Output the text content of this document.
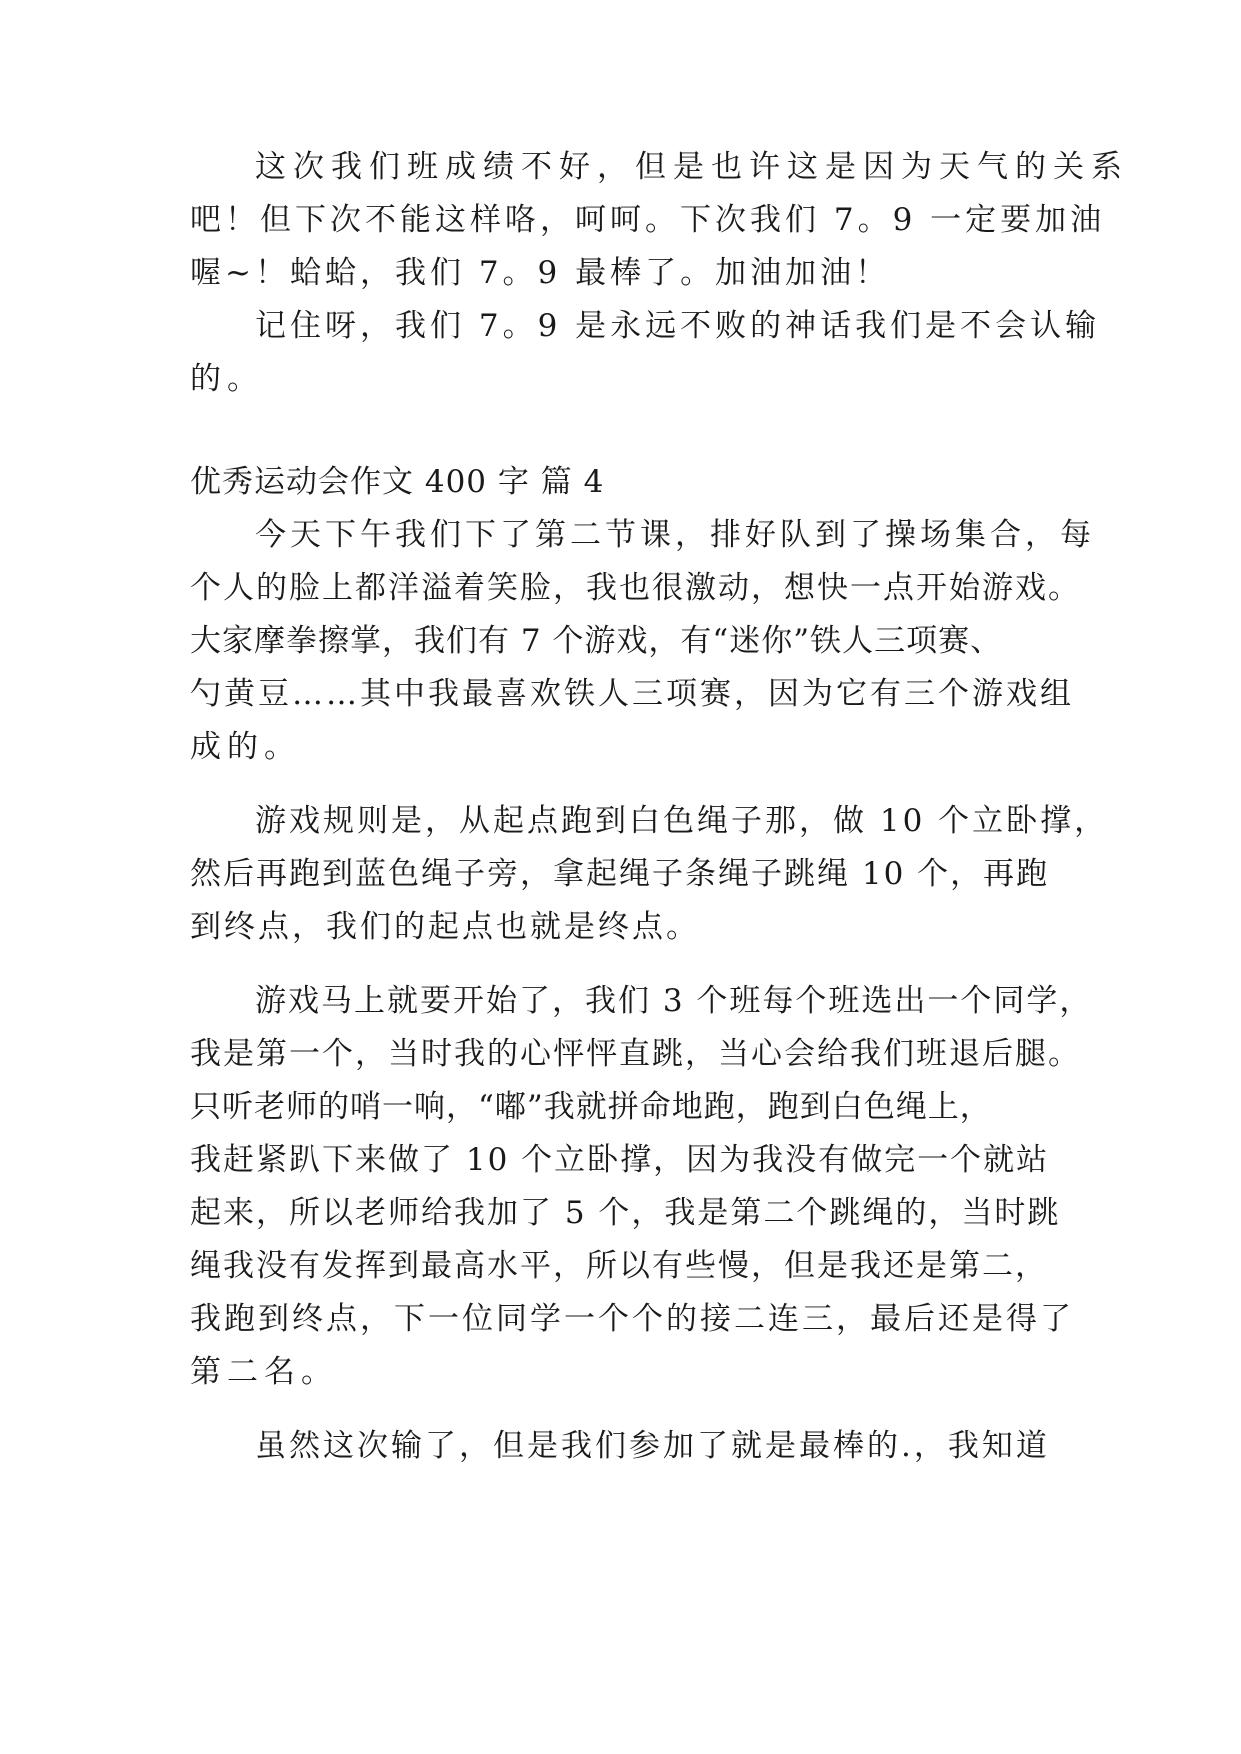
这次我们班成绩不好，但是也许这是因为天气的关系
吧！但下次不能这样咯，呵呵。下次我们 7。9 一定要加油
喔~！蛤蛤，我们 7。9 最棒了。加油加油！
记住呀，我们 7。9 是永远不败的神话我们是不会认输
的。
优秀运动会作文 400 字 篇 4
今天下午我们下了第二节课，排好队到了操场集合，每
个人的脸上都洋溢着笑脸，我也很激动，想快一点开始游戏。
大家摩拳擦掌，我们有 7 个游戏，有“迷你”铁人三项赛、
勺黄豆……其中我最喜欢铁人三项赛，因为它有三个游戏组
成的。
游戏规则是，从起点跑到白色绳子那，做 10 个立卧撑，
然后再跑到蓝色绳子旁，拿起绳子条绳子跳绳 10 个，再跑
到终点，我们的起点也就是终点。
游戏马上就要开始了，我们 3 个班每个班选出一个同学，
我是第一个，当时我的心怦怦直跳，当心会给我们班退后腿。
只听老师的哨一响，“嘟”我就拼命地跑，跑到白色绳上，
我赶紧趴下来做了 10 个立卧撑，因为我没有做完一个就站
起来，所以老师给我加了 5 个，我是第二个跳绳的，当时跳
绳我没有发挥到最高水平，所以有些慢，但是我还是第二，
我跑到终点，下一位同学一个个的接二连三，最后还是得了
第二名。
虽然这次输了，但是我们参加了就是最棒的.，我知道
